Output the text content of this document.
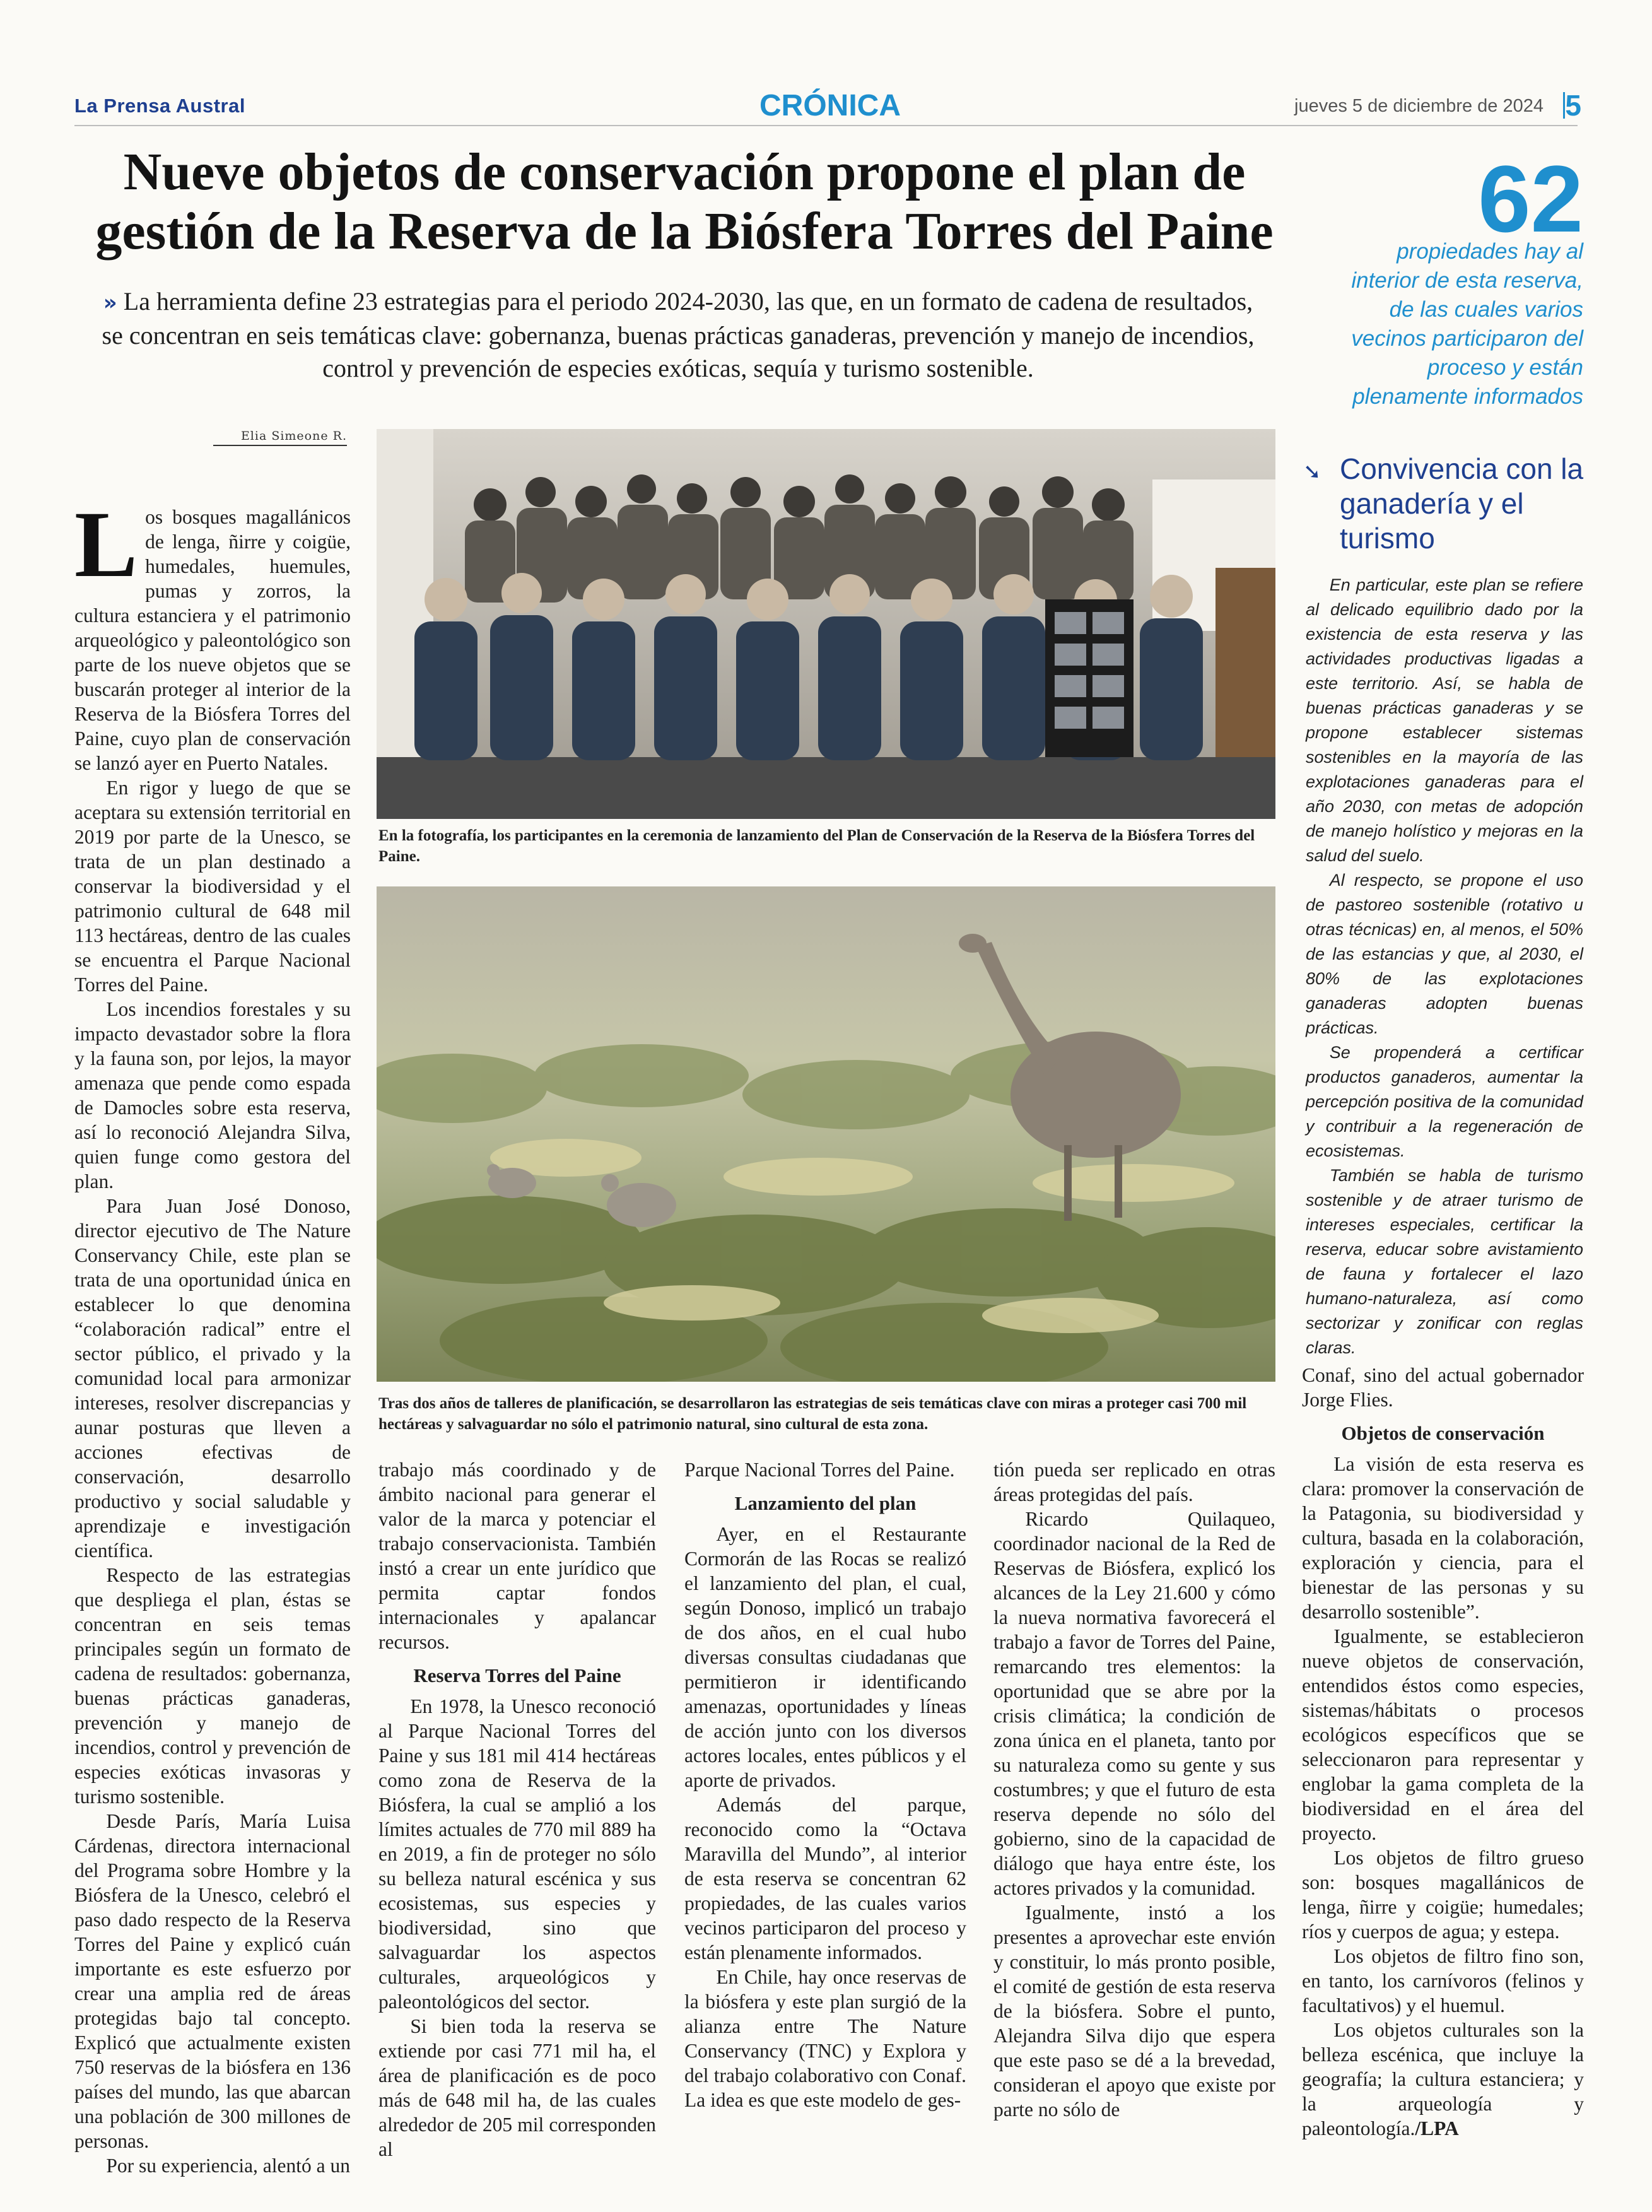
La Prensa Austral	CRÓNICA	jueves 5 de diciembre de 2024 5
Nueve objetos de conservación propone el plan de gestión de la Reserva de la Biósfera Torres del Paine
» La herramienta define 23 estrategias para el periodo 2024-2030, las que, en un formato de cadena de resultados, se concentran en seis temáticas clave: gobernanza, buenas prácticas ganaderas, prevención y manejo de incendios, control y prevención de especies exóticas, sequía y turismo sostenible.
62
propiedades hay al interior de esta reserva, de las cuales varios vecinos participaron del proceso y están plenamente informados
Elia Simeone R.

Los bosques magallánicos de lenga, ñirre y coigüe, humedales, huemules, pumas y zorros, la cultura estanciera y el patrimonio arqueológico y paleontológico son parte de los nueve objetos que se buscarán proteger al interior de la Reserva de la Biósfera Torres del Paine, cuyo plan de conservación se lanzó ayer en Puerto Natales.

En rigor y luego de que se aceptara su extensión territorial en 2019 por parte de la Unesco, se trata de un plan destinado a conservar la biodiversidad y el patrimonio cultural de 648 mil 113 hectáreas, dentro de las cuales se encuentra el Parque Nacional Torres del Paine.

Los incendios forestales y su impacto devastador sobre la flora y la fauna son, por lejos, la mayor amenaza que pende como espada de Damocles sobre esta reserva, así lo reconoció Alejandra Silva, quien funge como gestora del plan.

Para Juan José Donoso, director ejecutivo de The Nature Conservancy Chile, este plan se trata de una oportunidad única en establecer lo que denomina “colaboración radical” entre el sector público, el privado y la comunidad local para armonizar intereses, resolver discrepancias y aunar posturas que lleven a acciones efectivas de conservación, desarrollo productivo y social saludable y aprendizaje e investigación científica.

Respecto de las estrategias que despliega el plan, éstas se concentran en seis temas principales según un formato de cadena de resultados: gobernanza, buenas prácticas ganaderas, prevención y manejo de incendios, control y prevención de especies exóticas invasoras y turismo sostenible.

Desde París, María Luisa Cárdenas, directora internacional del Programa sobre Hombre y la Biósfera de la Unesco, celebró el paso dado respecto de la Reserva Torres del Paine y explicó cuán importante es este esfuerzo por crear una amplia red de áreas protegidas bajo tal concepto. Explicó que actualmente existen 750 reservas de la biósfera en 136 países del mundo, las que abarcan una población de 300 millones de personas.

Por su experiencia, alentó a un

En la fotografía, los participantes en la ceremonia de lanzamiento del Plan de Conservación de la Reserva de la Biósfera Torres del Paine.
Tras dos años de talleres de planificación, se desarrollaron las estrategias de seis temáticas clave con miras a proteger casi 700 mil hectáreas y salvaguardar no sólo el patrimonio natural, sino cultural de esta zona.
➘ Convivencia con la ganadería y el turismo

En particular, este plan se refiere al delicado equilibrio dado por la existencia de esta reserva y las actividades productivas ligadas a este territorio. Así, se habla de buenas prácticas ganaderas y se propone establecer sistemas sostenibles en la mayoría de las explotaciones ganaderas para el año 2030, con metas de adopción de manejo holístico y mejoras en la salud del suelo.

Al respecto, se propone el uso de pastoreo sostenible (rotativo u otras técnicas) en, al menos, el 50% de las estancias y que, al 2030, el 80% de las explotaciones ganaderas adopten buenas prácticas.

Se propenderá a certificar productos ganaderos, aumentar la percepción positiva de la comunidad y contribuir a la regeneración de ecosistemas.

También se habla de turismo sostenible y de atraer turismo de intereses especiales, certificar la reserva, educar sobre avistamiento de fauna y fortalecer el lazo humano-naturaleza, así como sectorizar y zonificar con reglas claras.

trabajo más coordinado y de ámbito nacional para generar el valor de la marca y potenciar el trabajo conservacionista. También instó a crear un ente jurídico que permita captar fondos internacionales y apalancar recursos.

Reserva Torres del Paine

En 1978, la Unesco reconoció al Parque Nacional Torres del Paine y sus 181 mil 414 hectáreas como zona de Reserva de la Biósfera, la cual se amplió a los límites actuales de 770 mil 889 ha en 2019, a fin de proteger no sólo su belleza natural escénica y sus ecosistemas, sus especies y biodiversidad, sino que salvaguardar los aspectos culturales, arqueológicos y paleontológicos del sector.

Si bien toda la reserva se extiende por casi 771 mil ha, el área de planificación es de poco más de 648 mil ha, de las cuales alrededor de 205 mil corresponden al

Parque Nacional Torres del Paine.

Lanzamiento del plan

Ayer, en el Restaurante Cormorán de las Rocas se realizó el lanzamiento del plan, el cual, según Donoso, implicó un trabajo de dos años, en el cual hubo diversas consultas ciudadanas que permitieron ir identificando amenazas, oportunidades y líneas de acción junto con los diversos actores locales, entes públicos y el aporte de privados.

Además del parque, reconocido como la “Octava Maravilla del Mundo”, al interior de esta reserva se concentran 62 propiedades, de las cuales varios vecinos participaron del proceso y están plenamente informados.

En Chile, hay once reservas de la biósfera y este plan surgió de la alianza entre The Nature Conservancy (TNC) y Explora y del trabajo colaborativo con Conaf. La idea es que este modelo de ges-

tión pueda ser replicado en otras áreas protegidas del país.

Ricardo Quilaqueo, coordinador nacional de la Red de Reservas de Biósfera, explicó los alcances de la Ley 21.600 y cómo la nueva normativa favorecerá el trabajo a favor de Torres del Paine, remarcando tres elementos: la oportunidad que se abre por la crisis climática; la condición de zona única en el planeta, tanto por su naturaleza como su gente y sus costumbres; y que el futuro de esta reserva depende no sólo del gobierno, sino de la capacidad de diálogo que haya entre éste, los actores privados y la comunidad.

Igualmente, instó a los presentes a aprovechar este envión y constituir, lo más pronto posible, el comité de gestión de esta reserva de la biósfera. Sobre el punto, Alejandra Silva dijo que espera que este paso se dé a la brevedad, consideran el apoyo que existe por parte no sólo de

Conaf, sino del actual gobernador Jorge Flies.

Objetos de conservación

La visión de esta reserva es clara: promover la conservación de la Patagonia, su biodiversidad y cultura, basada en la colaboración, exploración y ciencia, para el bienestar de las personas y su desarrollo sostenible”.

Igualmente, se establecieron nueve objetos de conservación, entendidos éstos como especies, sistemas/hábitats o procesos ecológicos específicos que se seleccionaron para representar y englobar la gama completa de la biodiversidad en el área del proyecto.

Los objetos de filtro grueso son: bosques magallánicos de lenga, ñirre y coigüe; humedales; ríos y cuerpos de agua; y estepa.

Los objetos de filtro fino son, en tanto, los carnívoros (felinos y facultativos) y el huemul.

Los objetos culturales son la belleza escénica, que incluye la geografía; la cultura estanciera; y la arqueología y paleontología./LPA
